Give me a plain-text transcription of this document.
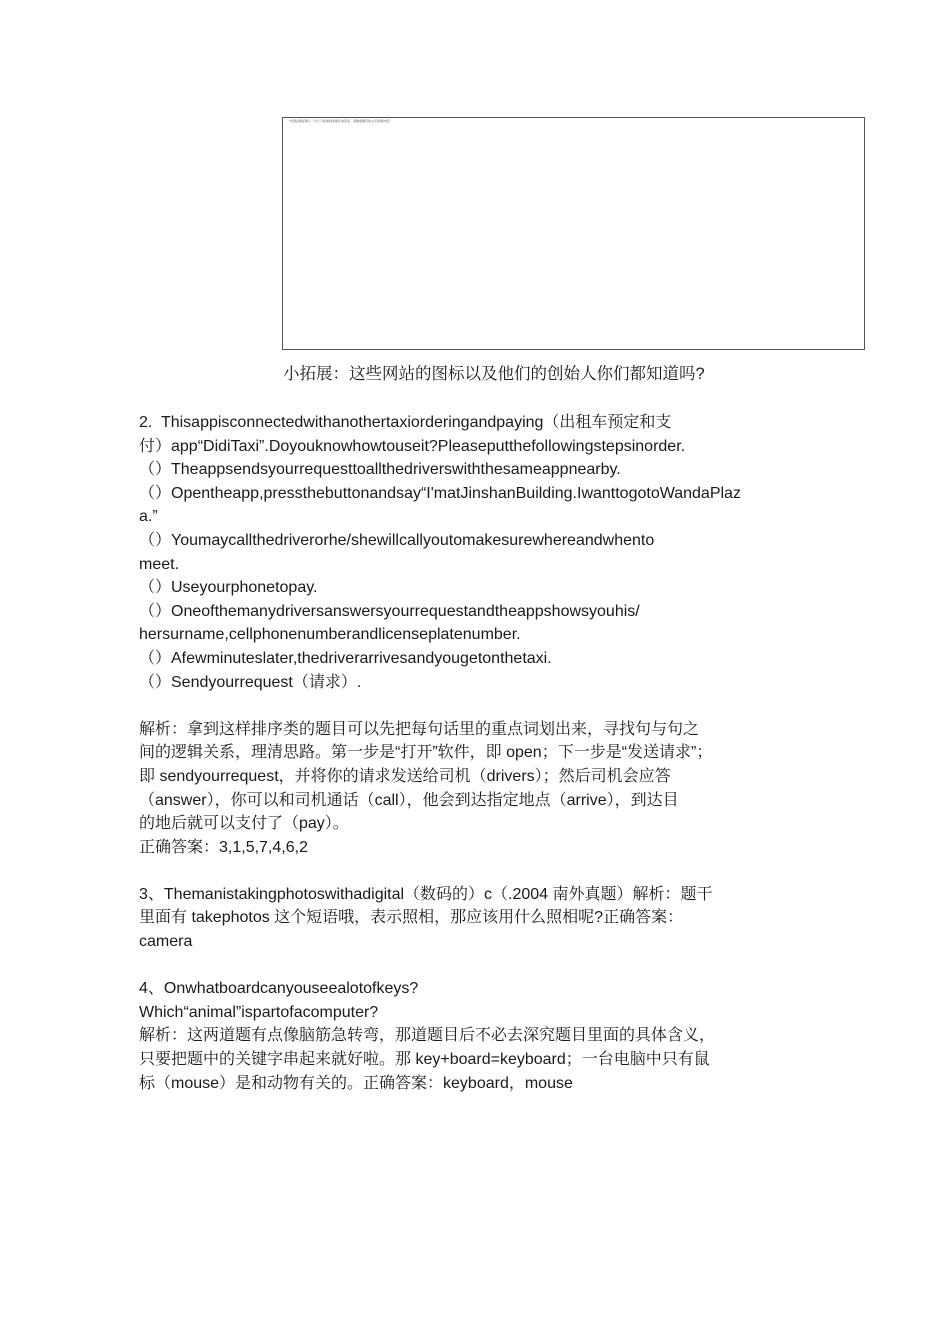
一些网站图标图示（对于不能看到本图片的读者，请参看题目的文字说明内容）
小拓展：这些网站的图标以及他们的创始人你们都知道吗?

2.  Thisappisconnectedwithanothertaxiorderingandpaying（出租车预定和支

付）app“DidiTaxi”.Doyouknowhowtouseit?Pleaseputthefollowingstepsinorder.

（）Theappsendsyourrequesttoallthedriverswiththesameappnearby.

（）Opentheapp,pressthebuttonandsay“I'matJinshanBuilding.IwanttogotoWandaPlaz

a.”

（）Youmaycallthedriverorhe/shewillcallyoutomakesurewhereandwhento

meet.

（）Useyourphonetopay.

（）Oneofthemanydriversanswersyourrequestandtheappshowsyouhis/

hersurname,cellphonenumberandlicenseplatenumber.

（）Afewminuteslater,thedriverarrivesandyougetonthetaxi.

（）Sendyourrequest（请求）.

解析：拿到这样排序类的题目可以先把每句话里的重点词划出来，寻找句与句之

间的逻辑关系，理清思路。第一步是“打开”软件，即 open；下一步是“发送请求”；

即 sendyourrequest，并将你的请求发送给司机（drivers）；然后司机会应答

（answer），你可以和司机通话（call），他会到达指定地点（arrive），到达目

的地后就可以支付了（pay）。

正确答案：3,1,5,7,4,6,2

3、Themanistakingphotoswithadigital（数码的）c（.2004 南外真题）解析：题干

里面有 takephotos 这个短语哦，表示照相，那应该用什么照相呢?正确答案：

camera

4、Onwhatboardcanyouseealotofkeys?

Which“animal”ispartofacomputer?

解析：这两道题有点像脑筋急转弯，那道题目后不必去深究题目里面的具体含义，

只要把题中的关键字串起来就好啦。那 key+board=keyboard；一台电脑中只有鼠

标（mouse）是和动物有关的。正确答案：keyboard，mouse
